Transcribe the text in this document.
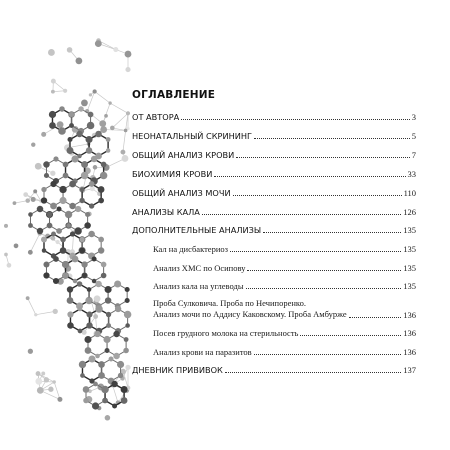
ОГЛАВЛЕНИЕ
ОТ АВТОРА	3
НЕОНАТАЛЬНЫЙ СКРИНИНГ	5
ОБЩИЙ АНАЛИЗ КРОВИ	7
БИОХИМИЯ КРОВИ	33
ОБЩИЙ АНАЛИЗ МОЧИ	110
АНАЛИЗЫ КАЛА	126
ДОПОЛНИТЕЛЬНЫЕ АНАЛИЗЫ	135
Кал на дисбактериоз	135
Анализ ХМС по Осипову	135
Анализ кала на углеводы	135
Проба Сулковича. Проба по Нечипоренко.
Анализ мочи по Аддису Каковскому. Проба Амбурже	136
Посев грудного молока на стерильность	136
Анализ крови на паразитов	136
ДНЕВНИК ПРИВИВОК	137
